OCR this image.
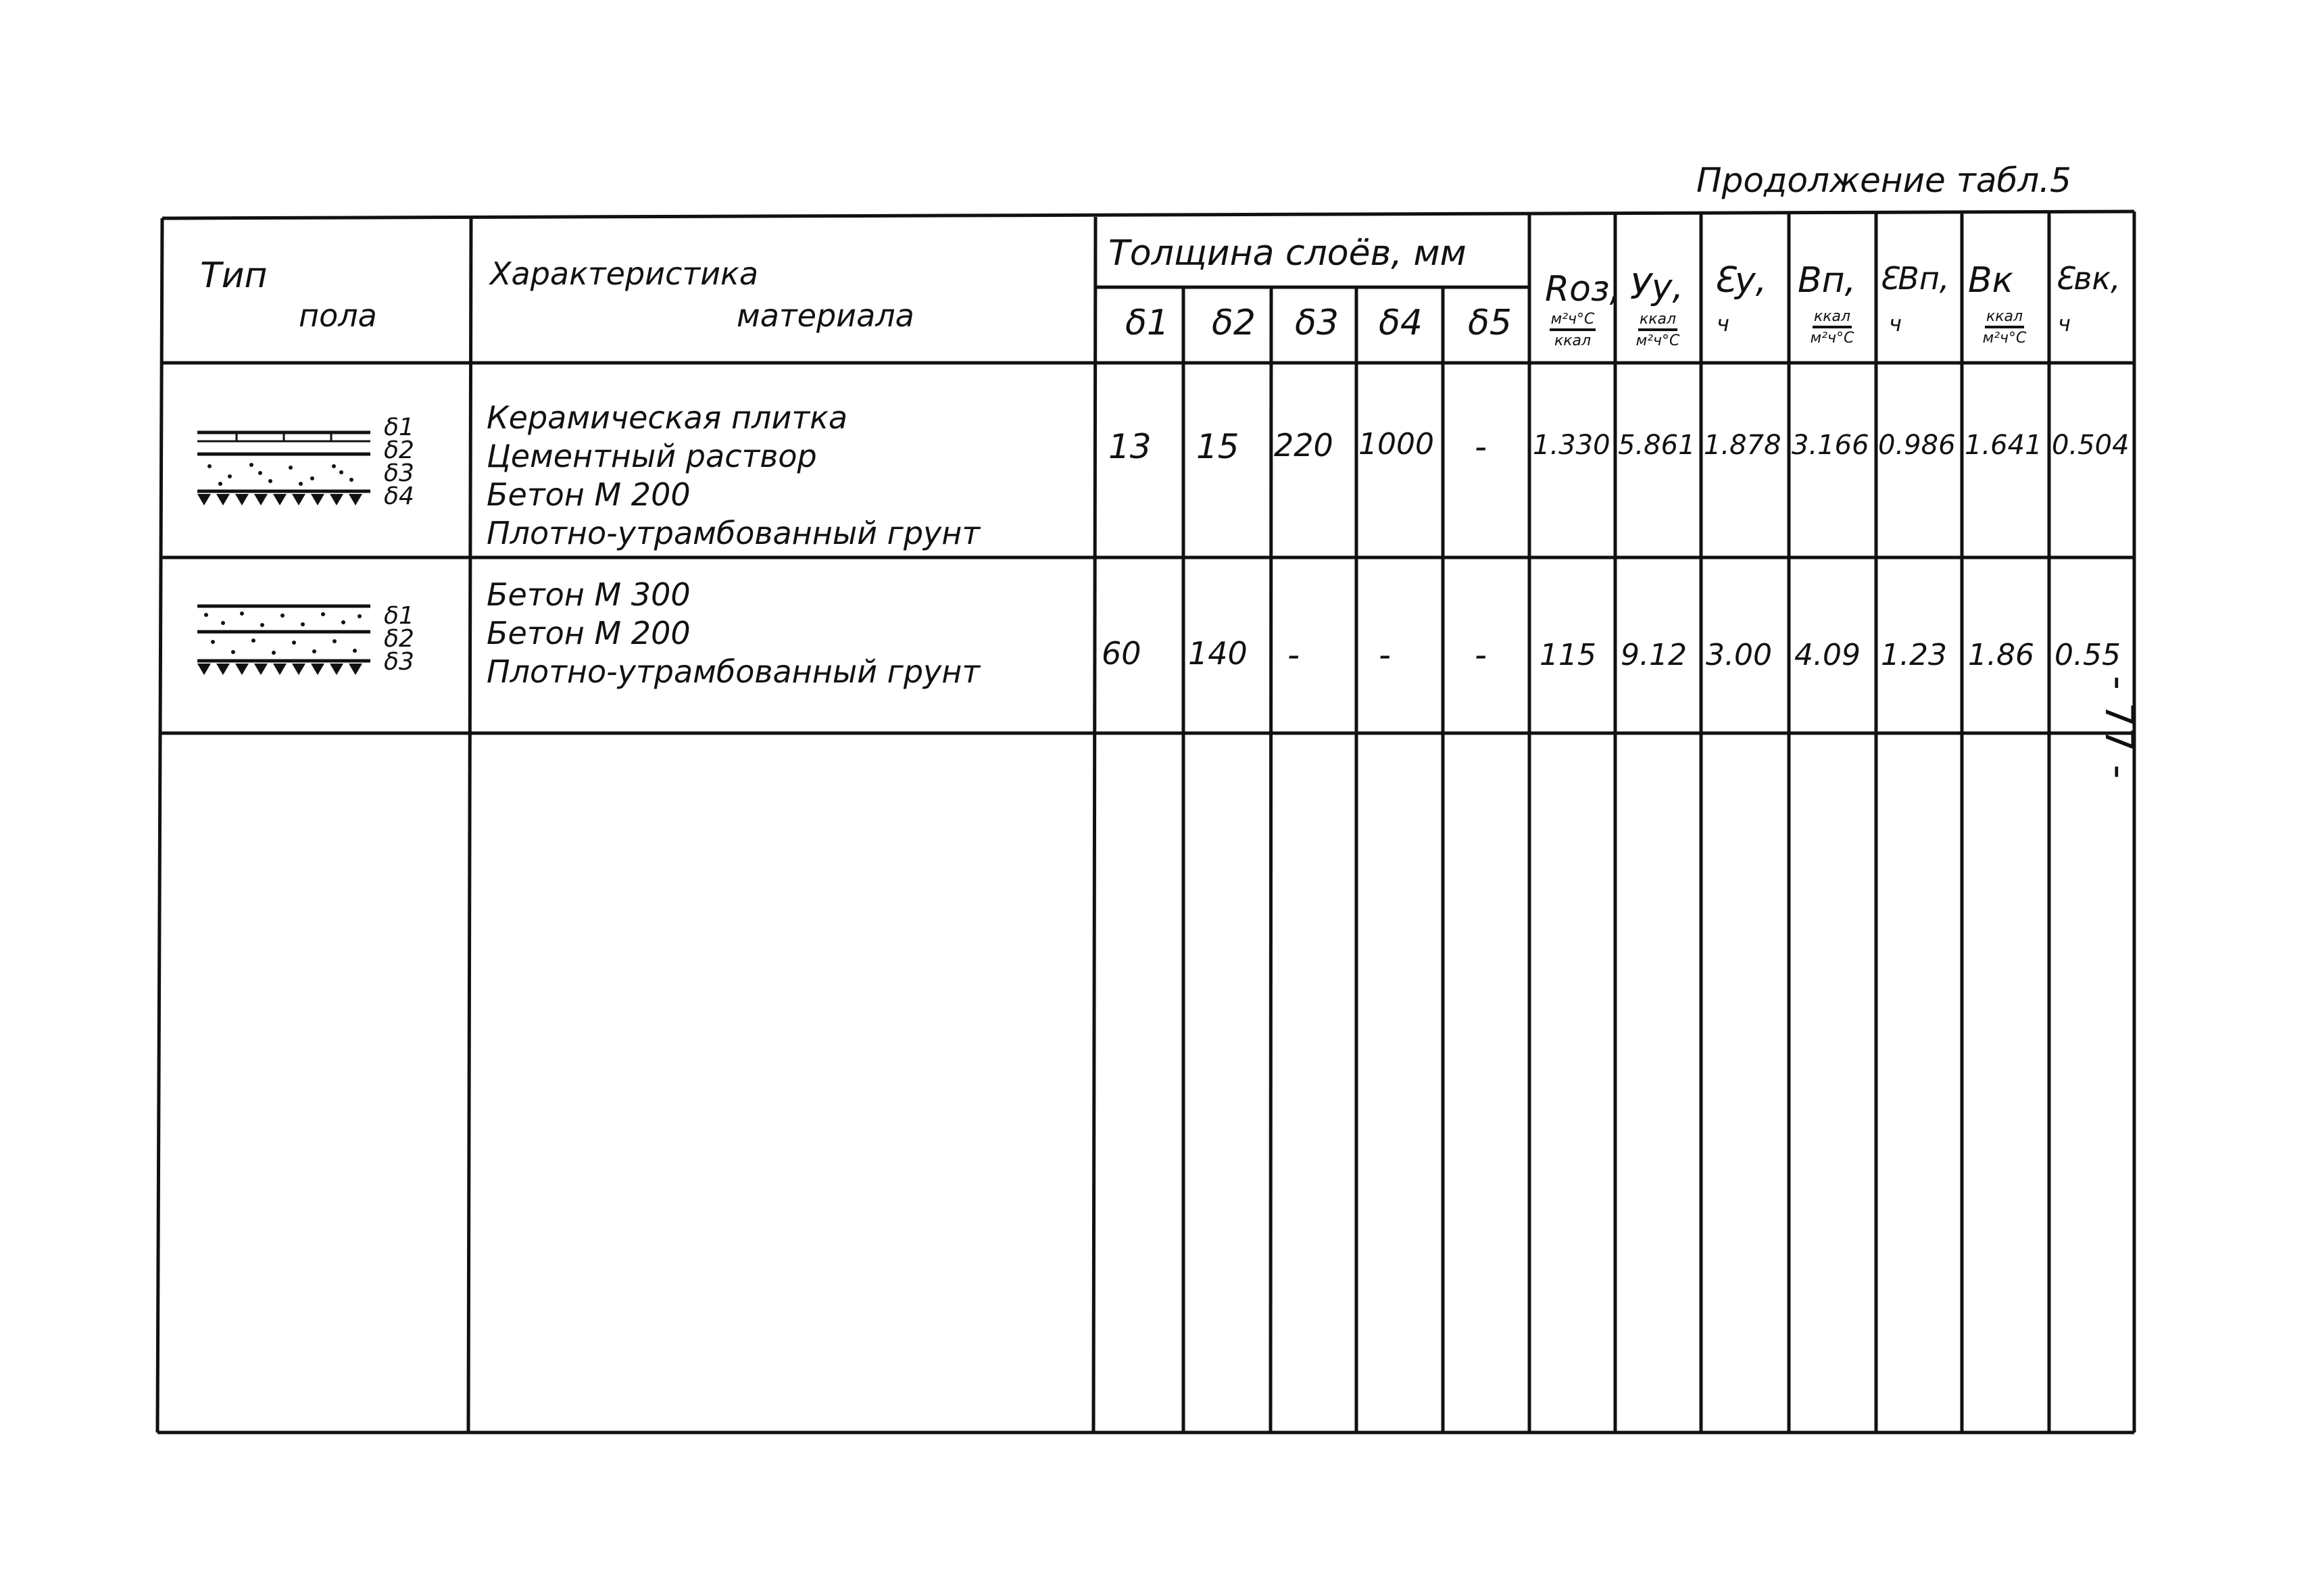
Продолжение табл.5
- 77 -
Тип
пола
Характеристика
материала
Толщина слоёв, мм
δ1 δ2 δ3 δ4 δ5
Rоз,
м²ч°С
ккал
Уу,
ккал
м²ч°С
Ɛу,
ч
Вп,
ккал
м²ч°С
ƐВп,
ч
Вк
ккал
м²ч°С
Ɛвк,
ч
δ1
δ2
δ3
δ4
Керамическая плитка
Цементный раствор
Бетон М 200
Плотно-утрамбованный грунт
13 15 220 1000 - 1.330 5.861 1.878 3.166 0.986 1.641 0.504
δ1
δ2
δ3
Бетон М 300
Бетон М 200
Плотно-утрамбованный грунт	60 140 - - - 115 9.12 3.00 4.09 1.23 1.86 0.55
